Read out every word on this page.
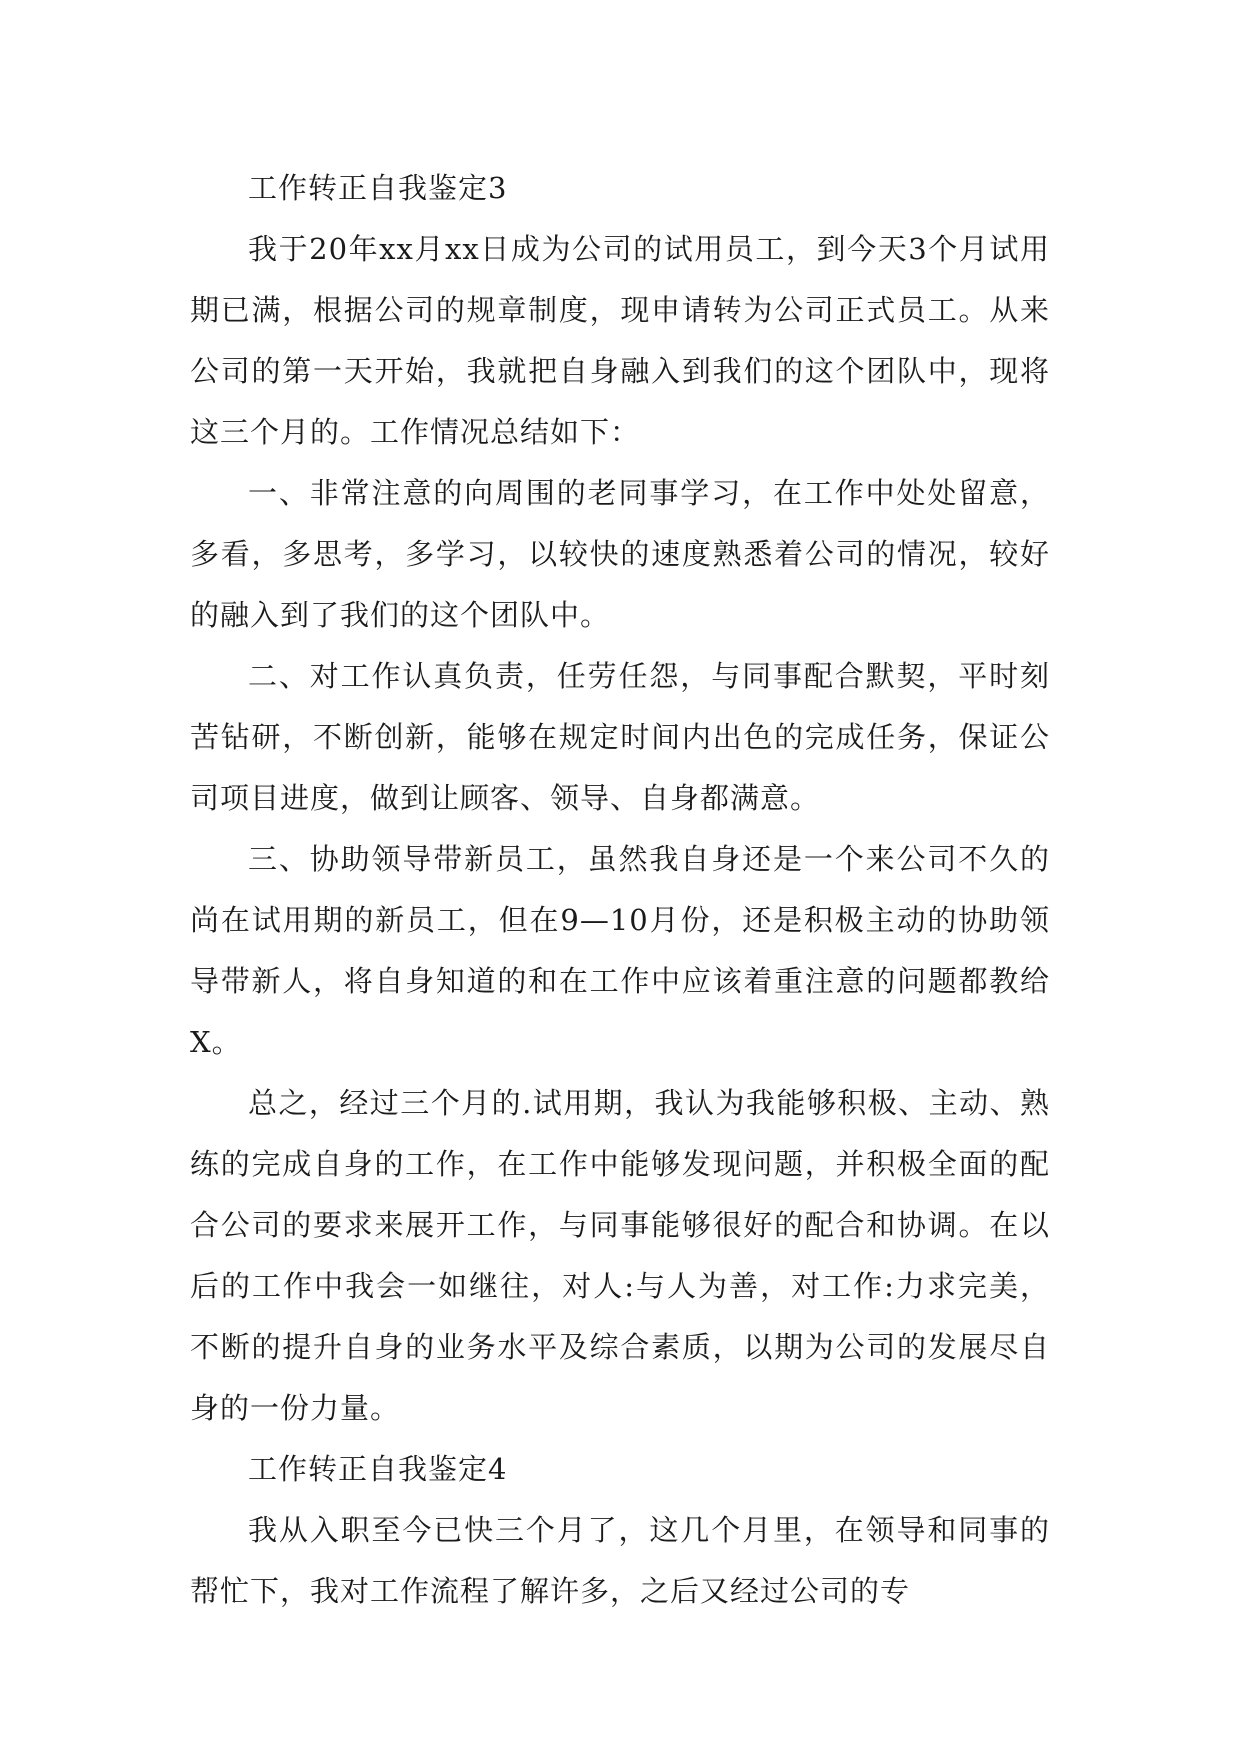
工作转正自我鉴定3

我于20年xx月xx日成为公司的试用员工，到今天3个月试用期已满，根据公司的规章制度，现申请转为公司正式员工。从来公司的第一天开始，我就把自身融入到我们的这个团队中，现将这三个月的。工作情况总结如下：

一、非常注意的向周围的老同事学习，在工作中处处留意，多看，多思考，多学习，以较快的速度熟悉着公司的情况，较好的融入到了我们的这个团队中。

二、对工作认真负责，任劳任怨，与同事配合默契，平时刻苦钻研，不断创新，能够在规定时间内出色的完成任务，保证公司项目进度，做到让顾客、领导、自身都满意。

三、协助领导带新员工，虽然我自身还是一个来公司不久的尚在试用期的新员工，但在9—10月份，还是积极主动的协助领导带新人，将自身知道的和在工作中应该着重注意的问题都教给X。

总之，经过三个月的.试用期，我认为我能够积极、主动、熟练的完成自身的工作，在工作中能够发现问题，并积极全面的配合公司的要求来展开工作，与同事能够很好的配合和协调。在以后的工作中我会一如继往，对人:与人为善，对工作:力求完美，不断的提升自身的业务水平及综合素质，以期为公司的发展尽自身的一份力量。

工作转正自我鉴定4

我从入职至今已快三个月了，这几个月里，在领导和同事的帮忙下，我对工作流程了解许多，之后又经过公司的专
